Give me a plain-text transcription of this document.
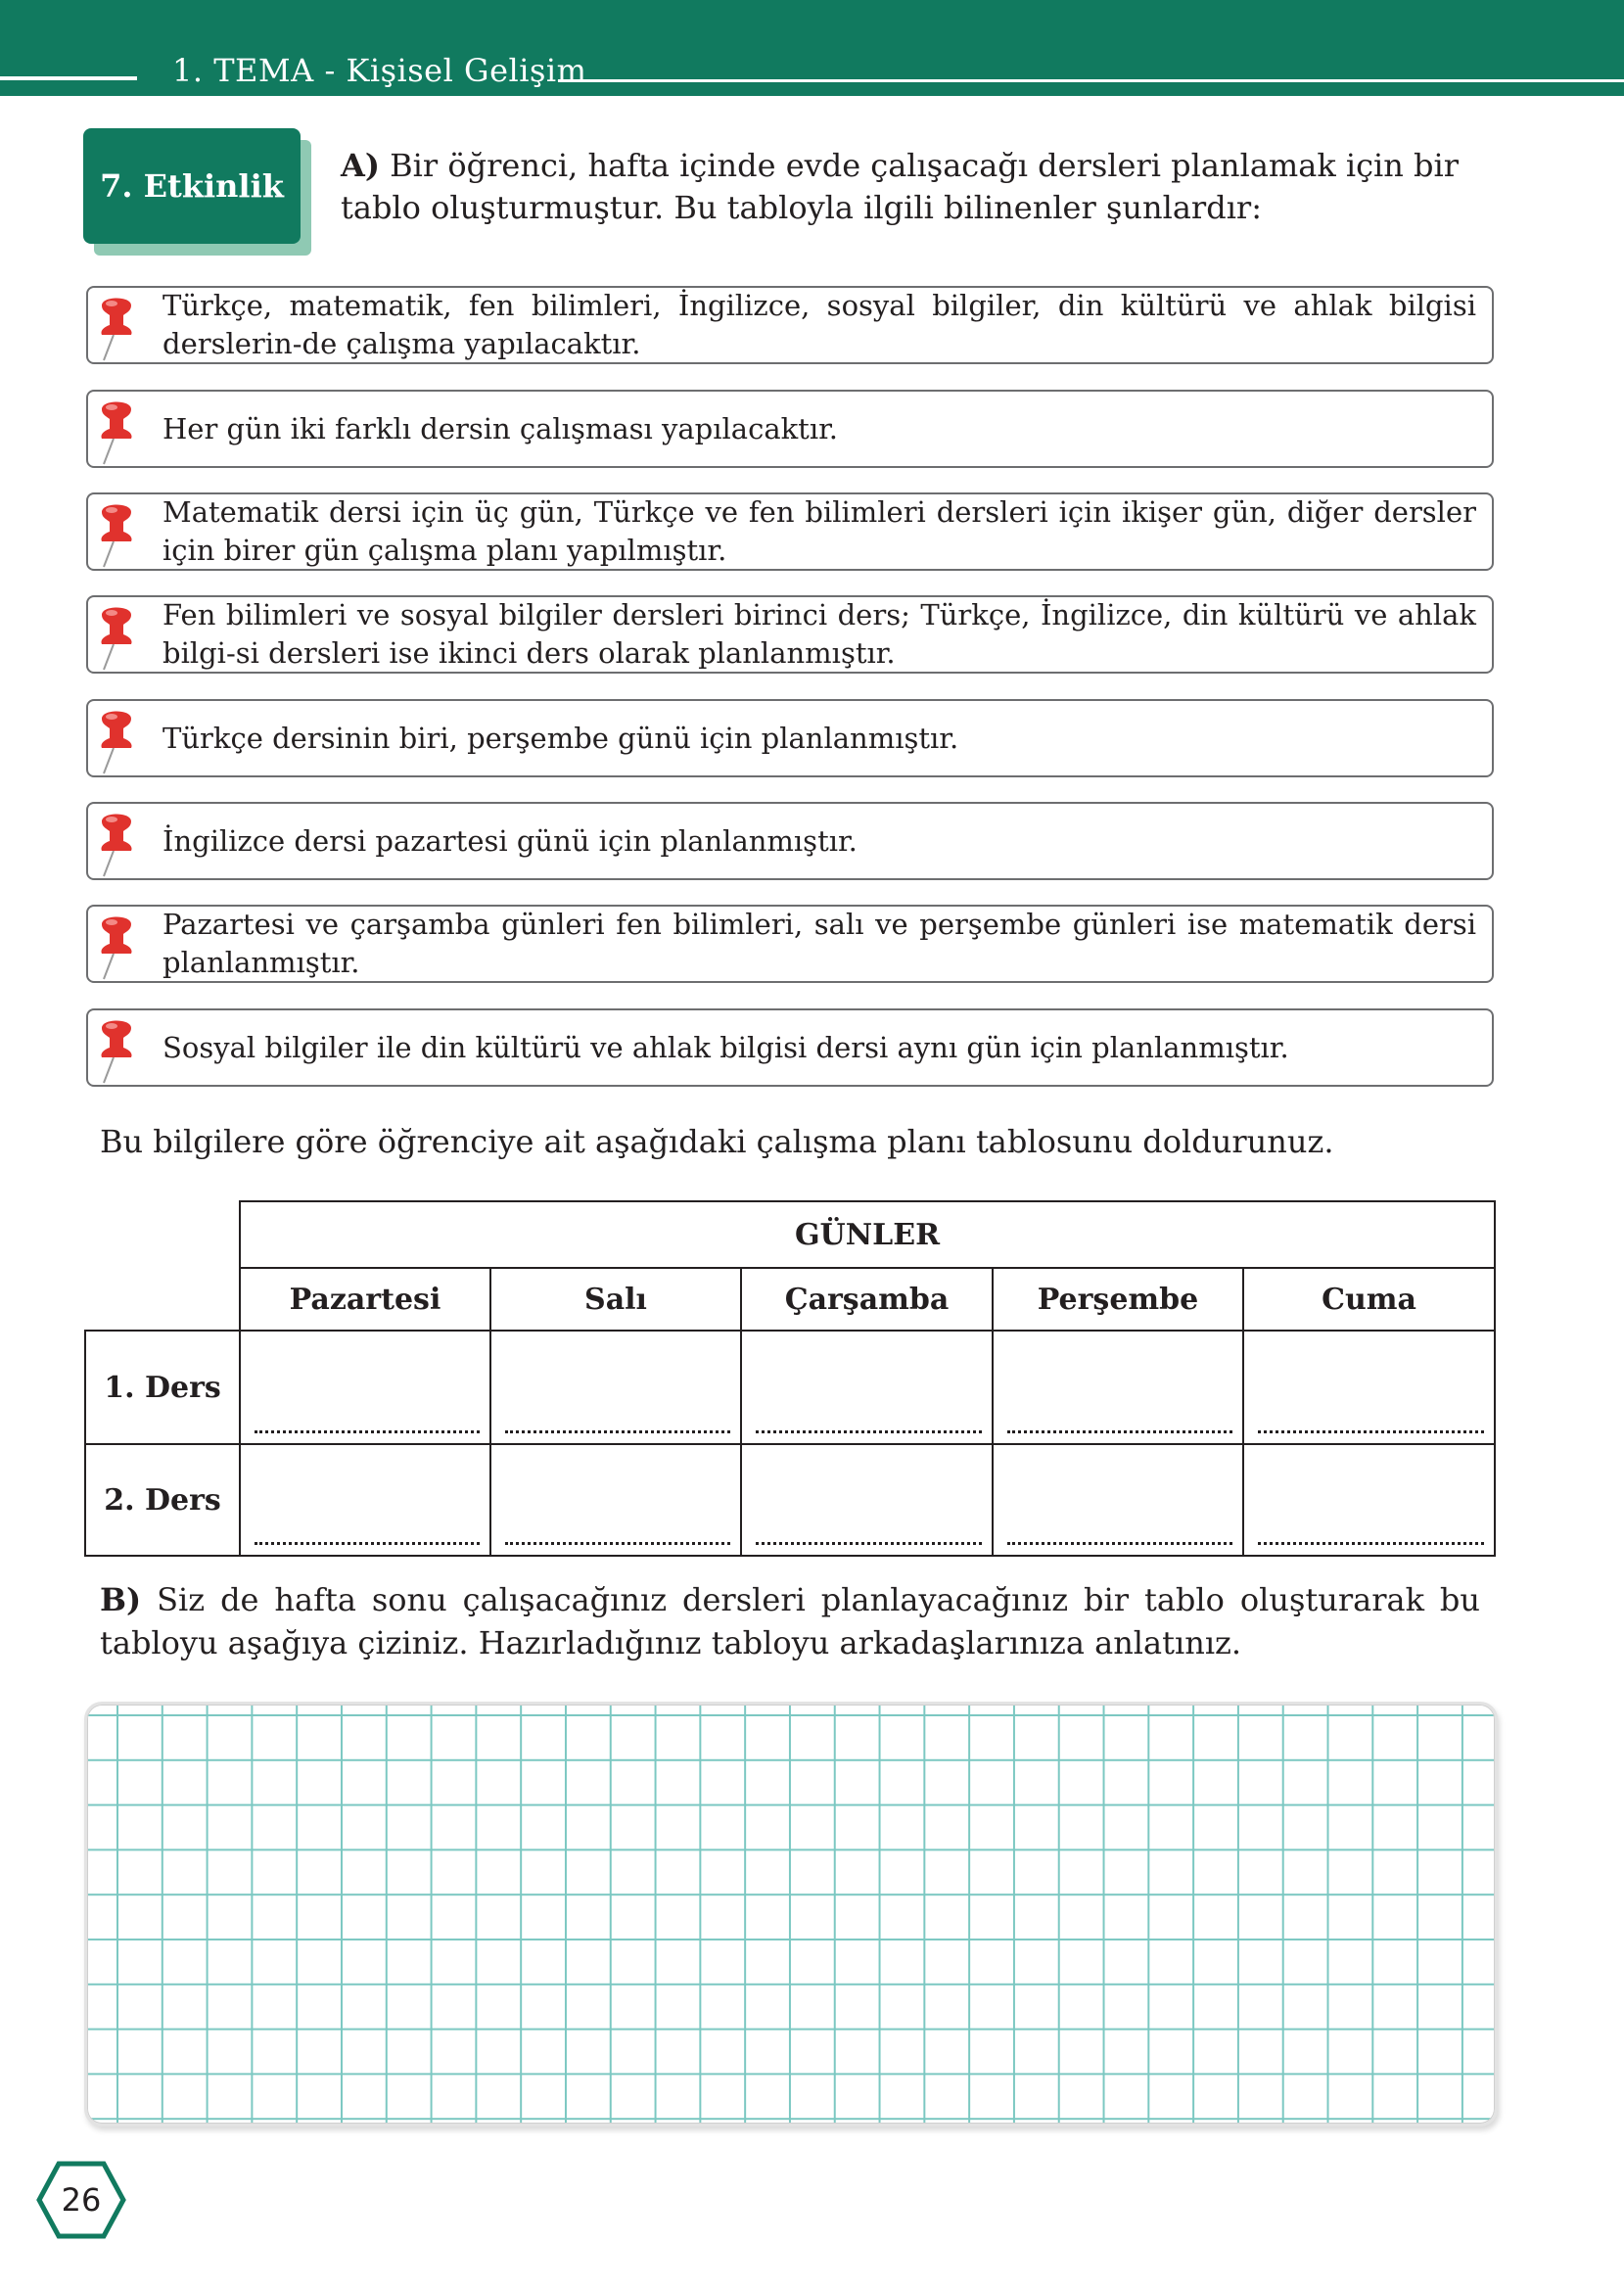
1. TEMA - Kişisel Gelişim
7. Etkinlik
A) Bir öğrenci, hafta içinde evde çalışacağı dersleri planlamak için bir tablo oluşturmuştur. Bu tabloyla ilgili bilinenler şunlardır:
Türkçe, matematik, fen bilimleri, İngilizce, sosyal bilgiler, din kültürü ve ahlak bilgisi derslerin-de çalışma yapılacaktır.
Her gün iki farklı dersin çalışması yapılacaktır.
Matematik dersi için üç gün, Türkçe ve fen bilimleri dersleri için ikişer gün, diğer dersler için birer gün çalışma planı yapılmıştır.
Fen bilimleri ve sosyal bilgiler dersleri birinci ders; Türkçe, İngilizce, din kültürü ve ahlak bilgi-si dersleri ise ikinci ders olarak planlanmıştır.
Türkçe dersinin biri, perşembe günü için planlanmıştır.
İngilizce dersi pazartesi günü için planlanmıştır.
Pazartesi ve çarşamba günleri fen bilimleri, salı ve perşembe günleri ise matematik dersi planlanmıştır.
Sosyal bilgiler ile din kültürü ve ahlak bilgisi dersi aynı gün için planlanmıştır.
Bu bilgilere göre öğrenciye ait aşağıdaki çalışma planı tablosunu doldurunuz.
GÜNLER
Pazartesi	Salı	Çarşamba	Perşembe	Cuma
1. Ders
2. Ders
B) Siz de hafta sonu çalışacağınız dersleri planlayacağınız bir tablo oluşturarak bu tabloyu aşağıya çiziniz. Hazırladığınız tabloyu arkadaşlarınıza anlatınız.
26
